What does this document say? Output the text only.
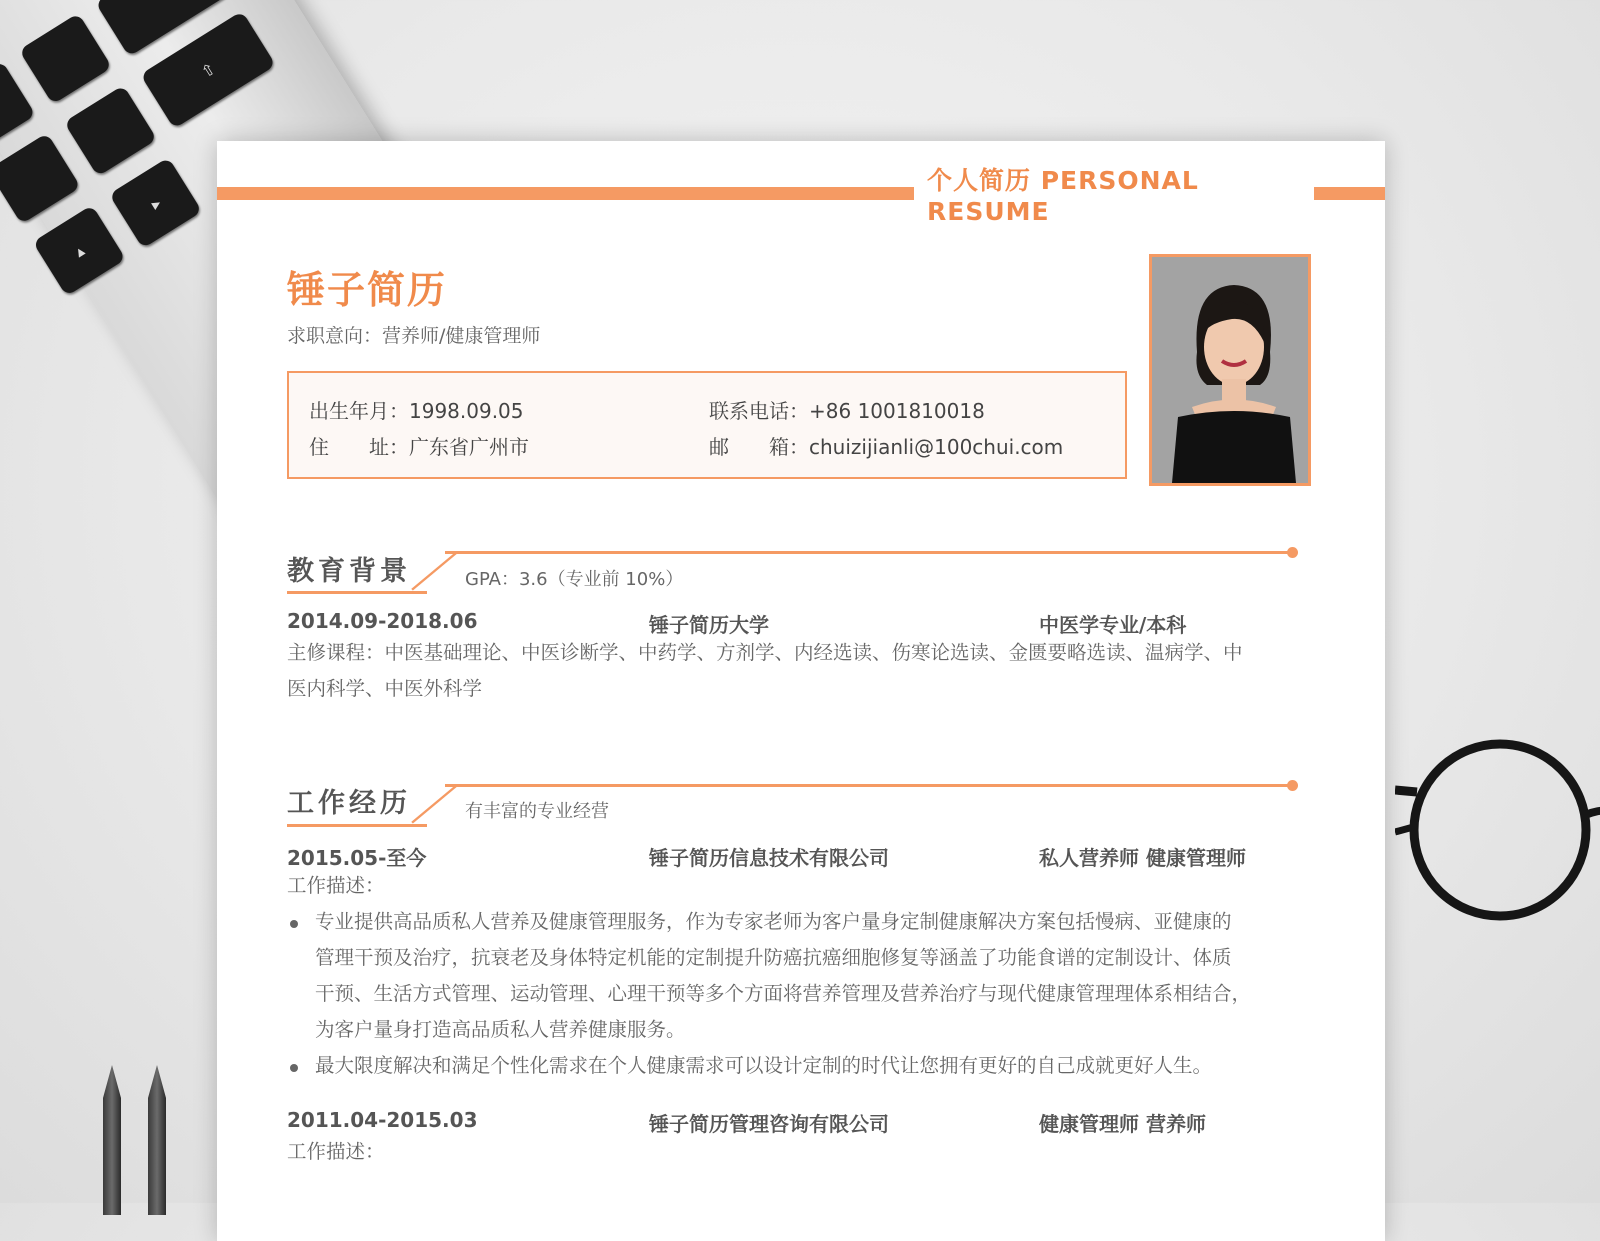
⇧
▴
▸
个人简历 PERSONAL RESUME
锤子简历
求职意向：营养师/健康管理师
出生年月：1998.09.05	联系电话：+86 1001810018
住　　址：广东省广州市	邮　　箱：chuizijianli@100chui.com
教育背景	GPA：3.6（专业前 10%）
2014.09-2018.06	锤子简历大学	中医学专业/本科
主修课程：中医基础理论、中医诊断学、中药学、方剂学、内经选读、伤寒论选读、金匮要略选读、温病学、中
医内科学、中医外科学
工作经历	有丰富的专业经营
2015.05-至今	锤子简历信息技术有限公司	私人营养师 健康管理师
工作描述：
专业提供高品质私人营养及健康管理服务，作为专家老师为客户量身定制健康解决方案包括慢病、亚健康的
管理干预及治疗，抗衰老及身体特定机能的定制提升防癌抗癌细胞修复等涵盖了功能食谱的定制设计、体质
干预、生活方式管理、运动管理、心理干预等多个方面将营养管理及营养治疗与现代健康管理理体系相结合，
为客户量身打造高品质私人营养健康服务。
最大限度解决和满足个性化需求在个人健康需求可以设计定制的时代让您拥有更好的自己成就更好人生。
2011.04-2015.03	锤子简历管理咨询有限公司	健康管理师 营养师
工作描述：
